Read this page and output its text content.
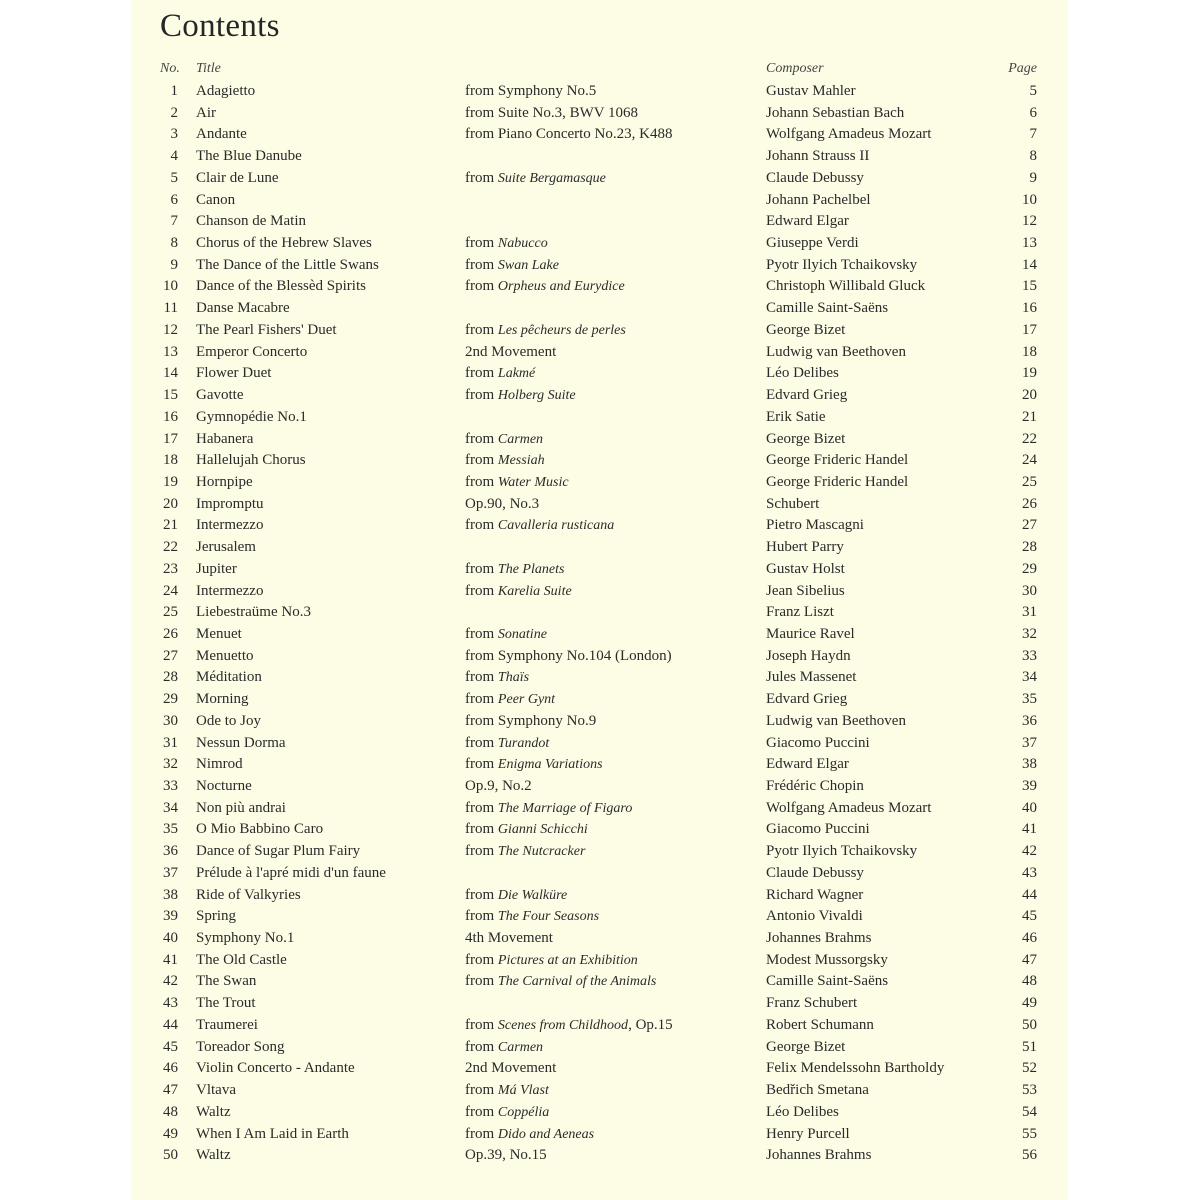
Contents
No. Title	Composer	Page
1 Adagietto	from Symphony No.5	Gustav Mahler	5
2 Air	from Suite No.3, BWV 1068	Johann Sebastian Bach	6
3 Andante	from Piano Concerto No.23, K488	Wolfgang Amadeus Mozart	7
4 The Blue Danube	Johann Strauss II	8
5 Clair de Lune	from Suite Bergamasque	Claude Debussy	9
6 Canon	Johann Pachelbel	10
7 Chanson de Matin	Edward Elgar	12
8 Chorus of the Hebrew Slaves	from Nabucco	Giuseppe Verdi	13
9 The Dance of the Little Swans	from Swan Lake	Pyotr Ilyich Tchaikovsky	14
10 Dance of the Blessèd Spirits	from Orpheus and Eurydice	Christoph Willibald Gluck	15
11 Danse Macabre	Camille Saint-Saëns	16
12 The Pearl Fishers' Duet	from Les pêcheurs de perles	George Bizet	17
13 Emperor Concerto	2nd Movement	Ludwig van Beethoven	18
14 Flower Duet	from Lakmé	Léo Delibes	19
15 Gavotte	from Holberg Suite	Edvard Grieg	20
16 Gymnopédie No.1	Erik Satie	21
17 Habanera	from Carmen	George Bizet	22
18 Hallelujah Chorus	from Messiah	George Frideric Handel	24
19 Hornpipe	from Water Music	George Frideric Handel	25
20 Impromptu	Op.90, No.3	Schubert	26
21 Intermezzo	from Cavalleria rusticana	Pietro Mascagni	27
22 Jerusalem	Hubert Parry	28
23 Jupiter	from The Planets	Gustav Holst	29
24 Intermezzo	from Karelia Suite	Jean Sibelius	30
25 Liebestraüme No.3	Franz Liszt	31
26 Menuet	from Sonatine	Maurice Ravel	32
27 Menuetto	from Symphony No.104 (London)	Joseph Haydn	33
28 Méditation	from Thaïs	Jules Massenet	34
29 Morning	from Peer Gynt	Edvard Grieg	35
30 Ode to Joy	from Symphony No.9	Ludwig van Beethoven	36
31 Nessun Dorma	from Turandot	Giacomo Puccini	37
32 Nimrod	from Enigma Variations	Edward Elgar	38
33 Nocturne	Op.9, No.2	Frédéric Chopin	39
34 Non più andrai	from The Marriage of Figaro	Wolfgang Amadeus Mozart	40
35 O Mio Babbino Caro	from Gianni Schicchi	Giacomo Puccini	41
36 Dance of Sugar Plum Fairy	from The Nutcracker	Pyotr Ilyich Tchaikovsky	42
37 Prélude à l'apré midi d'un faune	Claude Debussy	43
38 Ride of Valkyries	from Die Walküre	Richard Wagner	44
39 Spring	from The Four Seasons	Antonio Vivaldi	45
40 Symphony No.1	4th Movement	Johannes Brahms	46
41 The Old Castle	from Pictures at an Exhibition	Modest Mussorgsky	47
42 The Swan	from The Carnival of the Animals	Camille Saint-Saëns	48
43 The Trout	Franz Schubert	49
44 Traumerei	from Scenes from Childhood, Op.15	Robert Schumann	50
45 Toreador Song	from Carmen	George Bizet	51
46 Violin Concerto - Andante	2nd Movement	Felix Mendelssohn Bartholdy	52
47 Vltava	from Má Vlast	Bedřich Smetana	53
48 Waltz	from Coppélia	Léo Delibes	54
49 When I Am Laid in Earth	from Dido and Aeneas	Henry Purcell	55
50 Waltz	Op.39, No.15	Johannes Brahms	56
